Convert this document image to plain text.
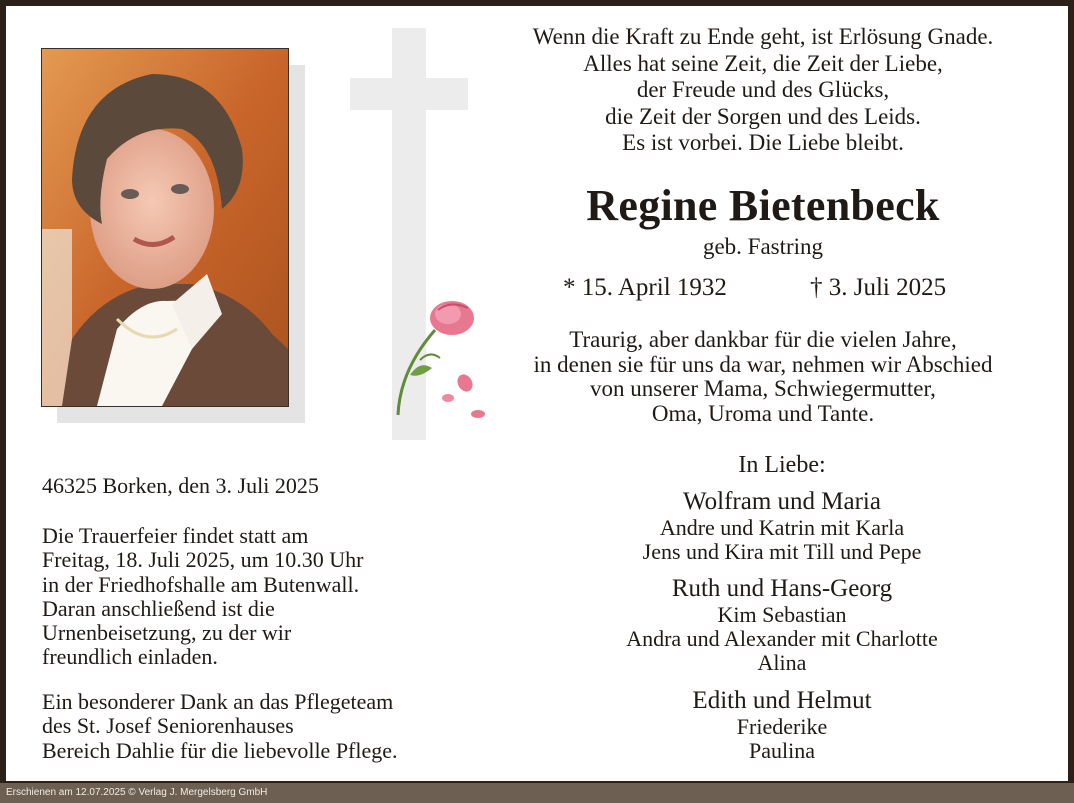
Wenn die Kraft zu Ende geht, ist Erlösung Gnade.
Alles hat seine Zeit, die Zeit der Liebe,
der Freude und des Glücks,
die Zeit der Sorgen und des Leids.
Es ist vorbei. Die Liebe bleibt.
Regine Bietenbeck
geb. Fastring
* 15. April 1932	† 3. Juli 2025
Traurig, aber dankbar für die vielen Jahre,
in denen sie für uns da war, nehmen wir Abschied
von unserer Mama, Schwiegermutter,
Oma, Uroma und Tante.
In Liebe:
Wolfram und Maria
Andre und Katrin mit Karla
Jens und Kira mit Till und Pepe
Ruth und Hans-Georg
Kim Sebastian
Andra und Alexander mit Charlotte
Alina
Edith und Helmut
Friederike
Paulina
46325 Borken, den 3. Juli 2025
Die Trauerfeier findet statt am
Freitag, 18. Juli 2025, um 10.30 Uhr
in der Friedhofshalle am Butenwall.
Daran anschließend ist die
Urnenbeisetzung, zu der wir
freundlich einladen.
Ein besonderer Dank an das Pflegeteam
des St. Josef Seniorenhauses
Bereich Dahlie für die liebevolle Pflege.
Erschienen am 12.07.2025 © Verlag J. Mergelsberg GmbH
